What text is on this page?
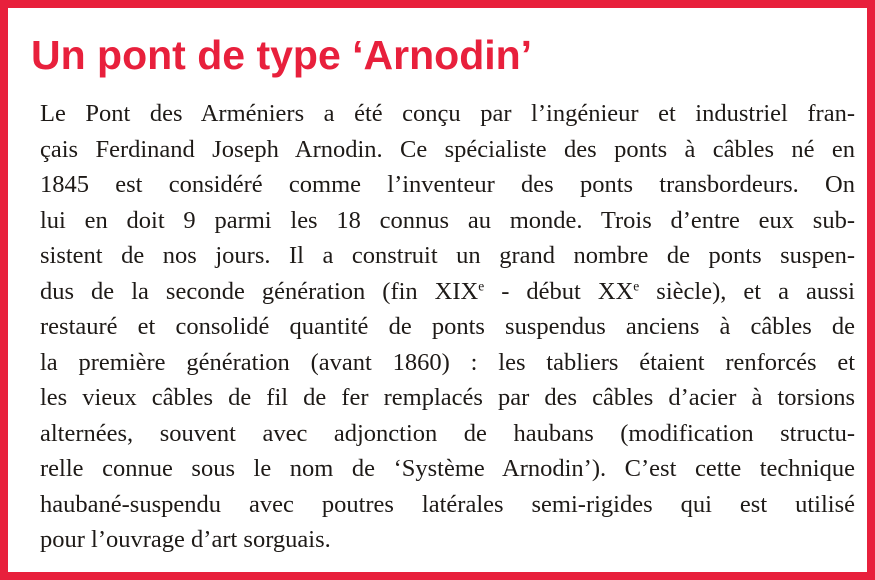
Un pont de type ‘Arnodin’
Le Pont des Arméniers a été conçu par l’ingénieur et industriel fran-
çais Ferdinand Joseph Arnodin. Ce spécialiste des ponts à câbles né en
1845 est considéré comme l’inventeur des ponts transbordeurs. On
lui en doit 9 parmi les 18 connus au monde. Trois d’entre eux sub-
sistent de nos jours. Il a construit un grand nombre de ponts suspen-
dus de la seconde génération (fin XIXe - début XXe siècle), et a aussi
restauré et consolidé quantité de ponts suspendus anciens à câbles de
la première génération (avant 1860) : les tabliers étaient renforcés et
les vieux câbles de fil de fer remplacés par des câbles d’acier à torsions
alternées, souvent avec adjonction de haubans (modification structu-
relle connue sous le nom de ‘Système Arnodin’). C’est cette technique
haubané-suspendu avec poutres latérales semi-rigides qui est utilisé
pour l’ouvrage d’art sorguais.
